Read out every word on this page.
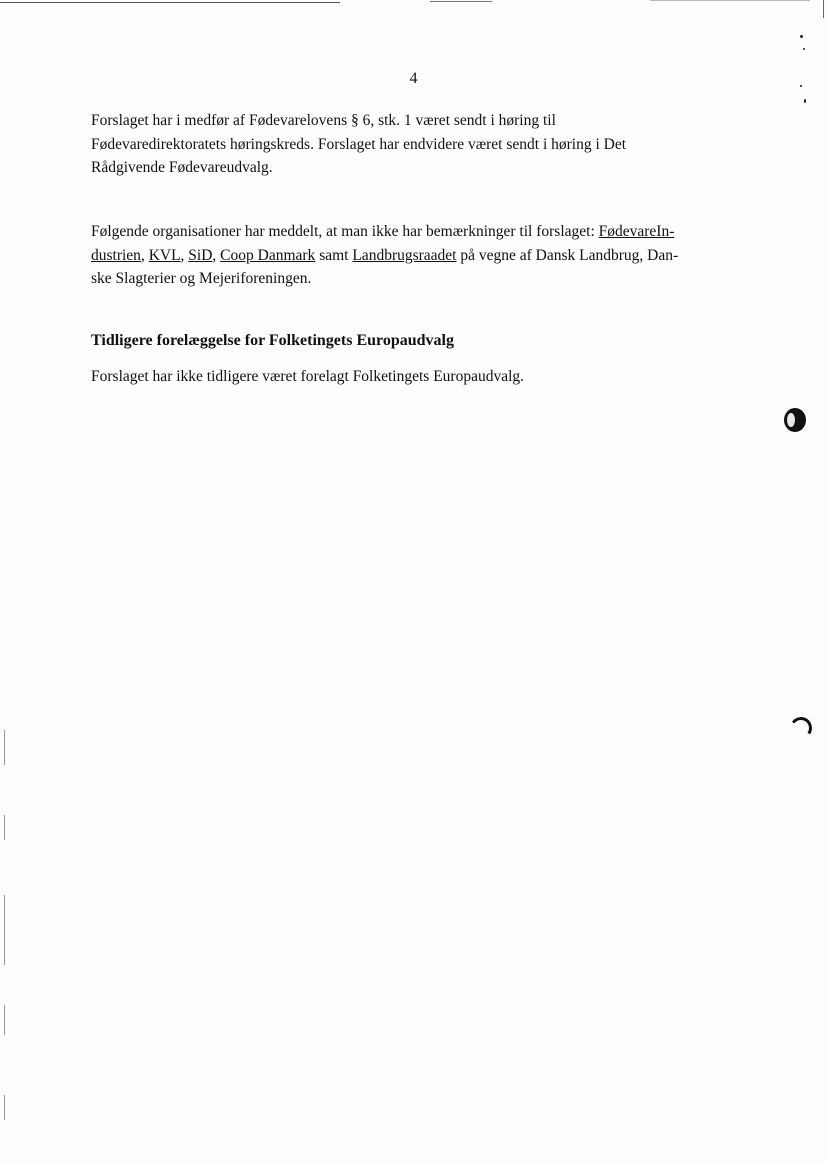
4

Forslaget har i medfør af Fødevarelovens § 6, stk. 1 været sendt i høring til
Fødevaredirektoratets høringskreds. Forslaget har endvidere været sendt i høring i Det
Rådgivende Fødevareudvalg.

Følgende organisationer har meddelt, at man ikke har bemærkninger til forslaget: FødevareIn-
dustrien, KVL, SiD, Coop Danmark samt Landbrugsraadet på vegne af Dansk Landbrug, Dan-
ske Slagterier og Mejeriforeningen.

Tidligere forelæggelse for Folketingets Europaudvalg

Forslaget har ikke tidligere været forelagt Folketingets Europaudvalg.
